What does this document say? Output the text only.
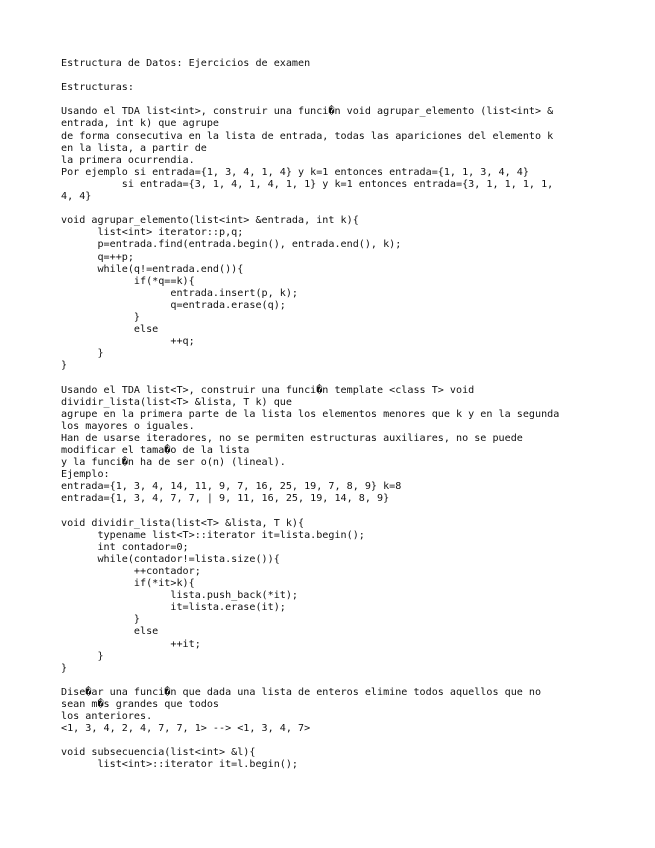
Estructura de Datos: Ejercicios de examen
Estructuras:
Usando el TDA list<int>, construir una funci�n void agrupar_elemento (list<int> &
entrada, int k) que agrupe
de forma consecutiva en la lista de entrada, todas las apariciones del elemento k
en la lista, a partir de
la primera ocurrendia.
Por ejemplo si entrada={1, 3, 4, 1, 4} y k=1 entonces entrada={1, 1, 3, 4, 4}
si entrada={3, 1, 4, 1, 4, 1, 1} y k=1 entonces entrada={3, 1, 1, 1, 1,
4, 4}
void agrupar_elemento(list<int> &entrada, int k){
list<int> iterator::p,q;
p=entrada.find(entrada.begin(), entrada.end(), k);
q=++p;
while(q!=entrada.end()){
if(*q==k){
entrada.insert(p, k);
q=entrada.erase(q);
}
else
++q;
}
}
Usando el TDA list<T>, construir una funci�n template <class T> void
dividir_lista(list<T> &lista, T k) que
agrupe en la primera parte de la lista los elementos menores que k y en la segunda
los mayores o iguales.
Han de usarse iteradores, no se permiten estructuras auxiliares, no se puede
modificar el tama�o de la lista
y la funci�n ha de ser o(n) (lineal).
Ejemplo:
entrada={1, 3, 4, 14, 11, 9, 7, 16, 25, 19, 7, 8, 9} k=8
entrada={1, 3, 4, 7, 7, | 9, 11, 16, 25, 19, 14, 8, 9}
void dividir_lista(list<T> &lista, T k){
typename list<T>::iterator it=lista.begin();
int contador=0;
while(contador!=lista.size()){
++contador;
if(*it>k){
lista.push_back(*it);
it=lista.erase(it);
}
else
++it;
}
}
Dise�ar una funci�n que dada una lista de enteros elimine todos aquellos que no
sean m�s grandes que todos
los anteriores.
<1, 3, 4, 2, 4, 7, 7, 1> --> <1, 3, 4, 7>
void subsecuencia(list<int> &l){
list<int>::iterator it=l.begin();
